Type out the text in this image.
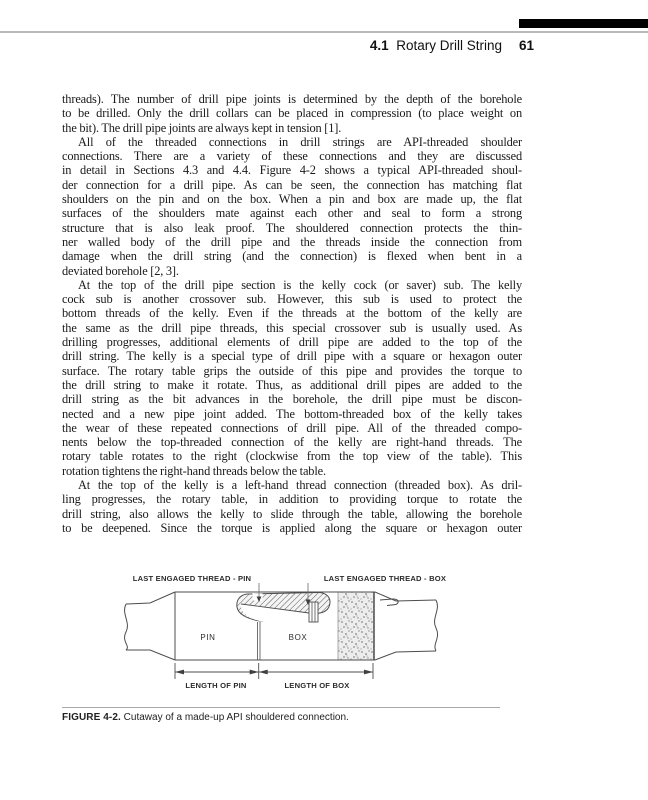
4.1 Rotary Drill String 61
threads). The number of drill pipe joints is determined by the depth of the borehole
to be drilled. Only the drill collars can be placed in compression (to place weight on
the bit). The drill pipe joints are always kept in tension [1].
All of the threaded connections in drill strings are API-threaded shoulder
connections. There are a variety of these connections and they are discussed
in detail in Sections 4.3 and 4.4. Figure 4-2 shows a typical API-threaded shoul-
der connection for a drill pipe. As can be seen, the connection has matching flat
shoulders on the pin and on the box. When a pin and box are made up, the flat
surfaces of the shoulders mate against each other and seal to form a strong
structure that is also leak proof. The shouldered connection protects the thin-
ner walled body of the drill pipe and the threads inside the connection from
damage when the drill string (and the connection) is flexed when bent in a
deviated borehole [2, 3].
At the top of the drill pipe section is the kelly cock (or saver) sub. The kelly
cock sub is another crossover sub. However, this sub is used to protect the
bottom threads of the kelly. Even if the threads at the bottom of the kelly are
the same as the drill pipe threads, this special crossover sub is usually used. As
drilling progresses, additional elements of drill pipe are added to the top of the
drill string. The kelly is a special type of drill pipe with a square or hexagon outer
surface. The rotary table grips the outside of this pipe and provides the torque to
the drill string to make it rotate. Thus, as additional drill pipes are added to the
drill string as the bit advances in the borehole, the drill pipe must be discon-
nected and a new pipe joint added. The bottom-threaded box of the kelly takes
the wear of these repeated connections of drill pipe. All of the threaded compo-
nents below the top-threaded connection of the kelly are right-hand threads. The
rotary table rotates to the right (clockwise from the top view of the table). This
rotation tightens the right-hand threads below the table.
At the top of the kelly is a left-hand thread connection (threaded box). As dril-
ling progresses, the rotary table, in addition to providing torque to rotate the
drill string, also allows the kelly to slide through the table, allowing the borehole
to be deepened. Since the torque is applied along the square or hexagon outer
LAST ENGAGED THREAD - PIN	LAST ENGAGED THREAD - BOX
PIN	BOX
LENGTH OF PIN	LENGTH OF BOX
FIGURE 4-2. Cutaway of a made-up API shouldered connection.
